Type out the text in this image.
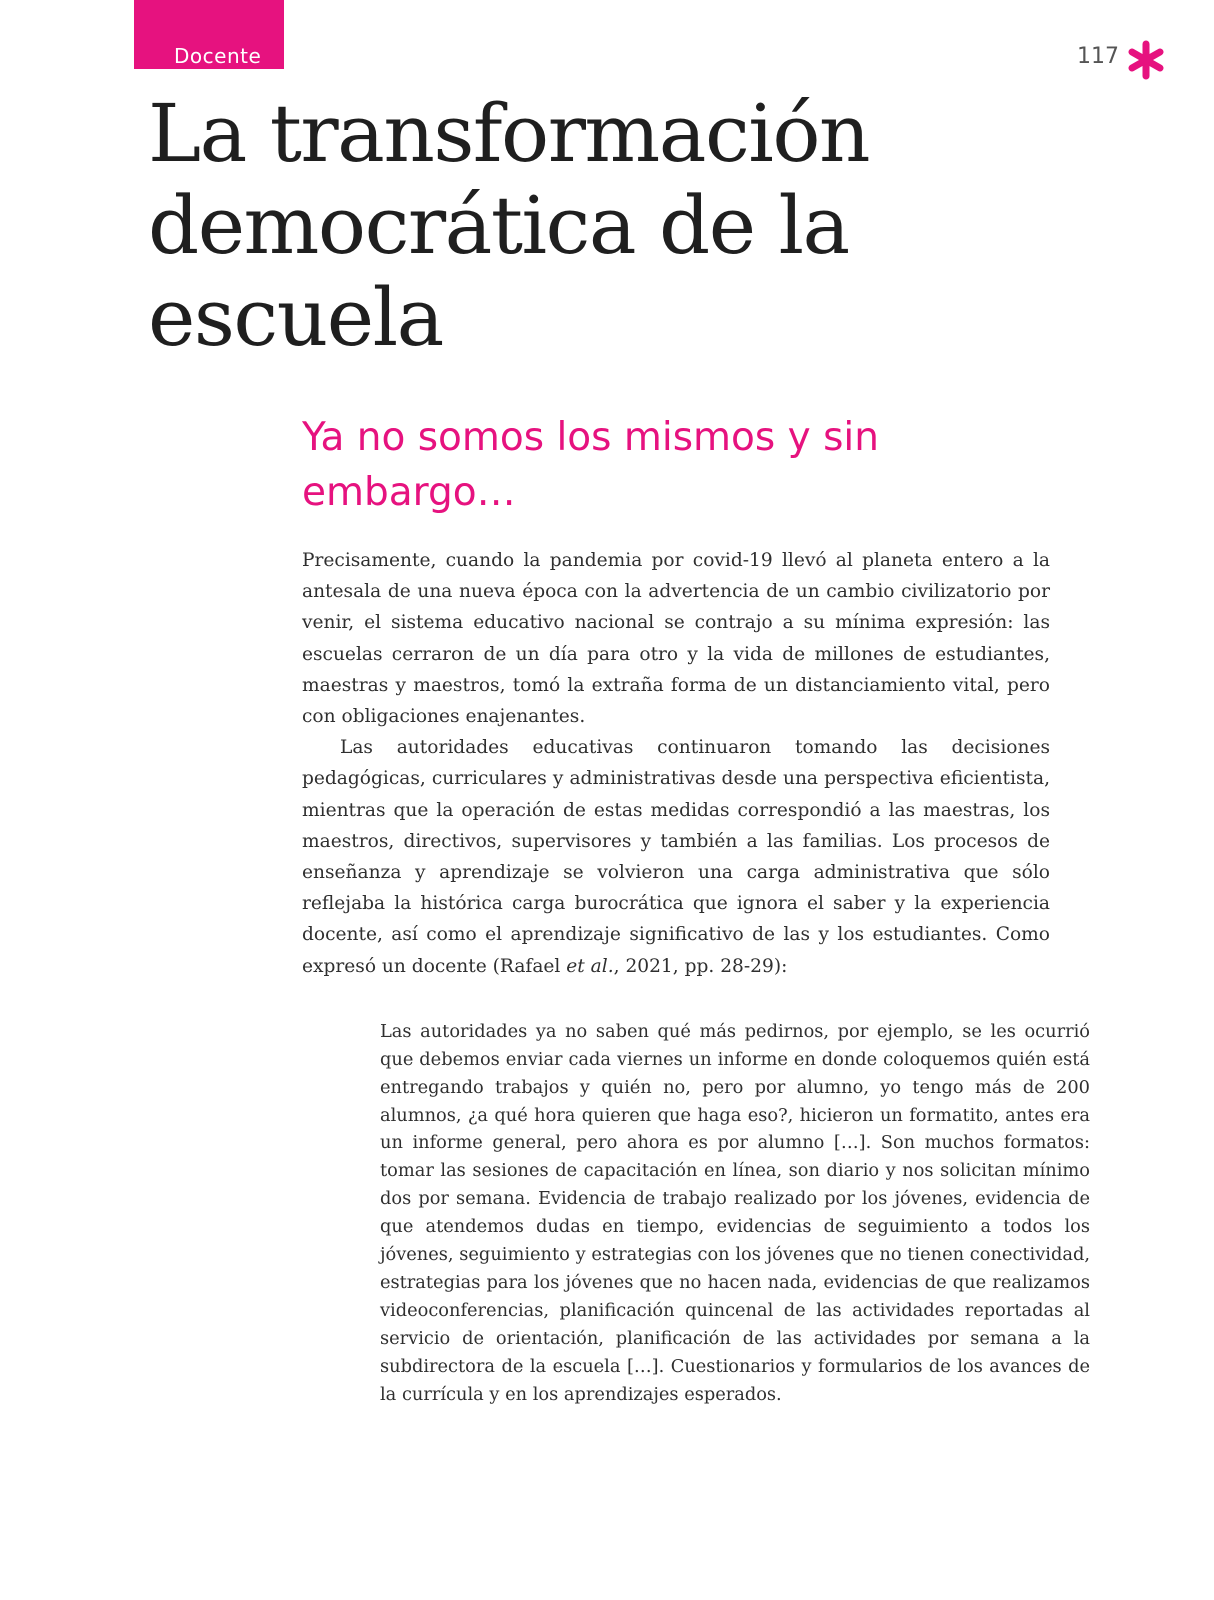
Docente	117
La transformación democrática de la escuela
Ya no somos los mismos y sin embargo…

Precisamente, cuando la pandemia por covid-19 llevó al planeta entero a la antesala de una nueva época con la advertencia de un cambio civilizatorio por venir, el sistema educativo nacional se contrajo a su mínima expresión: las escuelas cerraron de un día para otro y la vida de millones de estudiantes, maestras y maestros, tomó la extraña forma de un distanciamiento vital, pero con obligaciones enajenantes.

Las autoridades educativas continuaron tomando las decisiones pedagógicas, curriculares y administrativas desde una perspectiva eficientista, mientras que la operación de estas medidas correspondió a las maestras, los maestros, directivos, supervisores y también a las familias. Los procesos de enseñanza y aprendizaje se volvieron una carga administrativa que sólo reflejaba la histórica carga burocrática que ignora el saber y la experiencia docente, así como el aprendizaje significativo de las y los estudiantes. Como expresó un docente (Rafael et al., 2021, pp. 28-29):

Las autoridades ya no saben qué más pedirnos, por ejemplo, se les ocurrió que debemos enviar cada viernes un informe en donde coloquemos quién está entregando trabajos y quién no, pero por alumno, yo tengo más de 200 alumnos, ¿a qué hora quieren que haga eso?, hicieron un formatito, antes era un informe general, pero ahora es por alumno […]. Son muchos formatos: tomar las sesiones de capacitación en línea, son diario y nos solicitan mínimo dos por semana. Evidencia de trabajo realizado por los jóvenes, evidencia de que atendemos dudas en tiempo, evidencias de seguimiento a todos los jóvenes, seguimiento y estrategias con los jóvenes que no tienen conectividad, estrategias para los jóvenes que no hacen nada, evidencias de que realizamos videoconferencias, planificación quincenal de las actividades reportadas al servicio de orientación, planificación de las actividades por semana a la subdirectora de la escuela […]. Cuestionarios y formularios de los avances de la currícula y en los aprendizajes esperados.
